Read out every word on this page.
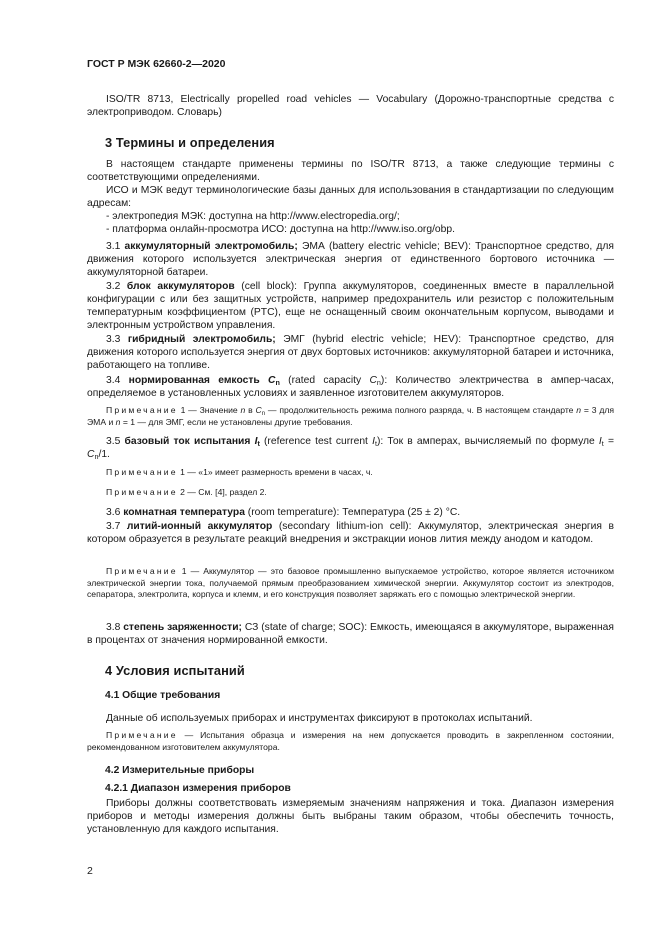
ГОСТ Р МЭК 62660-2—2020

ISO/TR 8713, Electrically propelled road vehicles — Vocabulary (Дорожно-транспортные средства с электроприводом. Словарь)

3 Термины и определения

В настоящем стандарте применены термины по ISO/TR 8713, а также следующие термины с соответствующими определениями.

ИСО и МЭК ведут терминологические базы данных для использования в стандартизации по следующим адресам:

- электропедия МЭК: доступна на http://www.electropedia.org/;

- платформа онлайн-просмотра ИСО: доступна на http://www.iso.org/obp.

3.1 аккумуляторный электромобиль; ЭМА (battery electric vehicle; BEV): Транспортное средство, для движения которого используется электрическая энергия от единственного бортового источника — аккумуляторной батареи.

3.2 блок аккумуляторов (cell block): Группа аккумуляторов, соединенных вместе в параллельной конфигурации с или без защитных устройств, например предохранитель или резистор с положительным температурным коэффициентом (PTC), еще не оснащенный своим окончательным корпусом, выводами и электронным устройством управления.

3.3 гибридный электромобиль; ЭМГ (hybrid electric vehicle; HEV): Транспортное средство, для движения которого используется энергия от двух бортовых источников: аккумуляторной батареи и источника, работающего на топливе.

3.4 нормированная емкость $C_n$ (rated capacity $C_n$): Количество электричества в ампер-часах, определяемое в установленных условиях и заявленное изготовителем аккумуляторов.

Примечание 1 — Значение n в $C_n$ — продолжительность режима полного разряда, ч. В настоящем стандарте n = 3 для ЭМА и n = 1 — для ЭМГ, если не установлены другие требования.

3.5 базовый ток испытания $I_t$ (reference test current $I_t$): Ток в амперах, вычисляемый по формуле $I_t = C_n/1$.

Примечание 1 — «1» имеет размерность времени в часах, ч.

Примечание 2 — См. [4], раздел 2.

3.6 комнатная температура (room temperature): Температура (25 ± 2) °С.

3.7 литий-ионный аккумулятор (secondary lithium-ion cell): Аккумулятор, электрическая энергия в котором образуется в результате реакций внедрения и экстракции ионов лития между анодом и катодом.

Примечание 1 — Аккумулятор — это базовое промышленно выпускаемое устройство, которое является источником электрической энергии тока, получаемой прямым преобразованием химической энергии. Аккумулятор состоит из электродов, сепаратора, электролита, корпуса и клемм, и его конструкция позволяет заряжать его с помощью электрической энергии.

3.8 степень заряженности; СЗ (state of charge; SOC): Емкость, имеющаяся в аккумуляторе, выраженная в процентах от значения нормированной емкости.

4 Условия испытаний

4.1 Общие требования

Данные об используемых приборах и инструментах фиксируют в протоколах испытаний.

Примечание — Испытания образца и измерения на нем допускается проводить в закрепленном состоянии, рекомендованном изготовителем аккумулятора.

4.2 Измерительные приборы

4.2.1 Диапазон измерения приборов

Приборы должны соответствовать измеряемым значениям напряжения и тока. Диапазон измерения приборов и методы измерения должны быть выбраны таким образом, чтобы обеспечить точность, установленную для каждого испытания.

2
